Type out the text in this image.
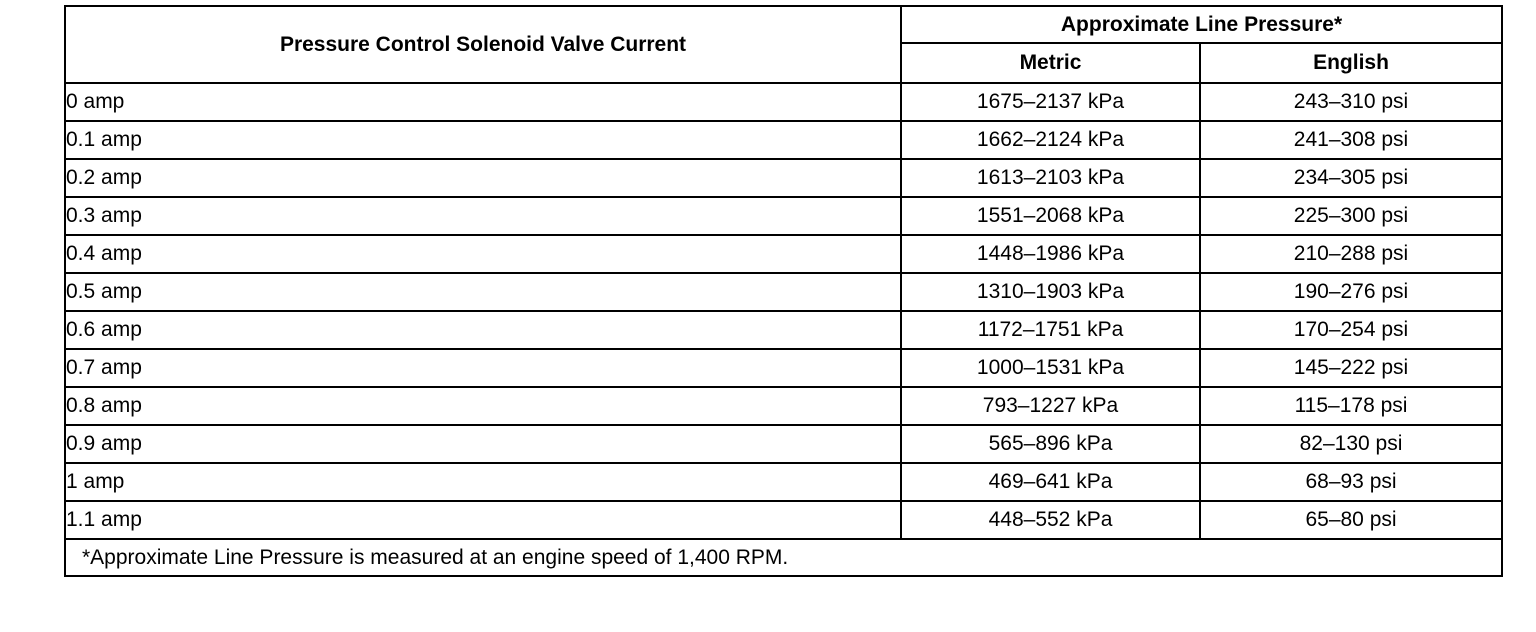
Pressure Control Solenoid Valve Current	Approximate Line Pressure*	
	Metric	English
0 amp	1675–2137 kPa	243–310 psi
0.1 amp	1662–2124 kPa	241–308 psi
0.2 amp	1613–2103 kPa	234–305 psi
0.3 amp	1551–2068 kPa	225–300 psi
0.4 amp	1448–1986 kPa	210–288 psi
0.5 amp	1310–1903 kPa	190–276 psi
0.6 amp	1172–1751 kPa	170–254 psi
0.7 amp	1000–1531 kPa	145–222 psi
0.8 amp	793–1227 kPa	115–178 psi
0.9 amp	565–896 kPa	82–130 psi
1 amp	469–641 kPa	68–93 psi
1.1 amp	448–552 kPa	65–80 psi
*Approximate Line Pressure is measured at an engine speed of 1,400 RPM.		
